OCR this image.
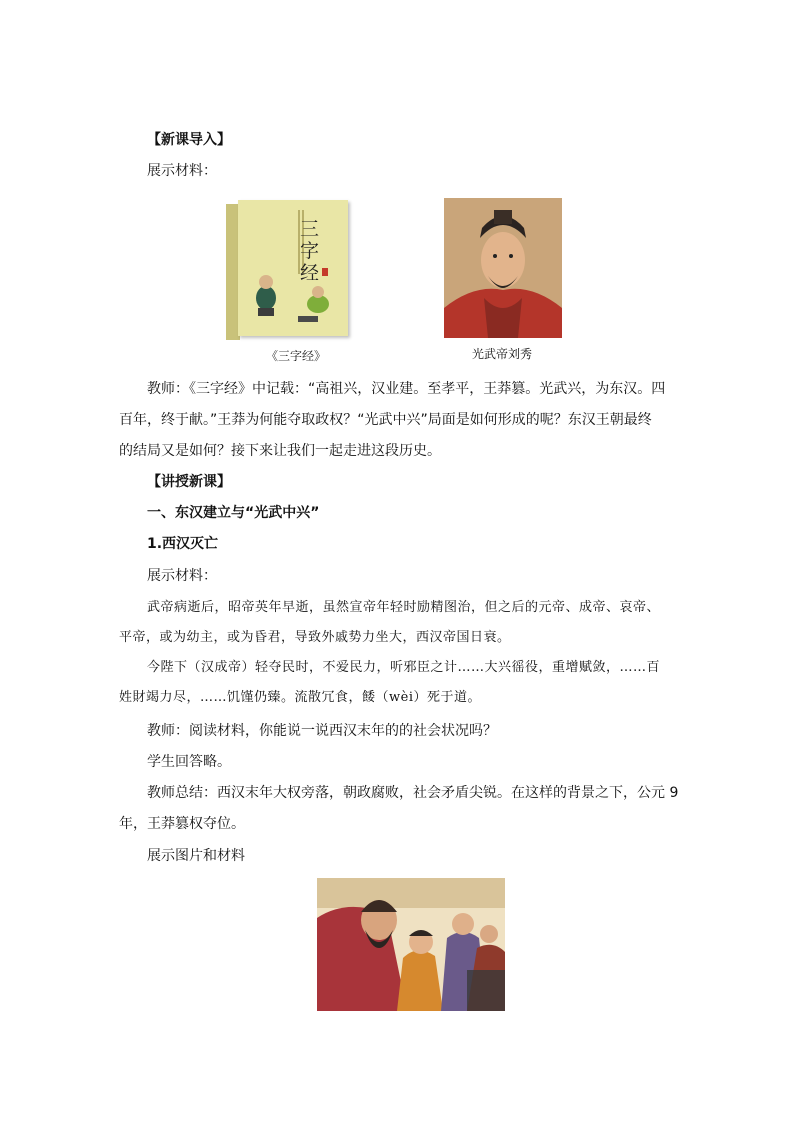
【新课导入】
展示材料：
三字经
《三字经》	光武帝刘秀
教师：《三字经》中记载：“高祖兴，汉业建。至孝平，王莽篡。光武兴，为东汉。四
百年，终于献。”王莽为何能夺取政权？“光武中兴”局面是如何形成的呢？东汉王朝最终
的结局又是如何？接下来让我们一起走进这段历史。
【讲授新课】
一、东汉建立与“光武中兴”
1.西汉灭亡
展示材料：
武帝病逝后，昭帝英年早逝，虽然宣帝年轻时励精图治，但之后的元帝、成帝、哀帝、
平帝，或为幼主，或为昏君，导致外戚势力坐大，西汉帝国日衰。
今陛下（汉成帝）轻夺民时，不爱民力，听邪臣之计……大兴徭役，重增赋敛，……百
姓財竭力尽，……饥馑仍臻。流散冗食，餧（wèi）死于道。
教师：阅读材料，你能说一说西汉末年的的社会状况吗？
学生回答略。
教师总结：西汉末年大权旁落，朝政腐败，社会矛盾尖锐。在这样的背景之下，公元 9
年，王莽篡权夺位。
展示图片和材料
